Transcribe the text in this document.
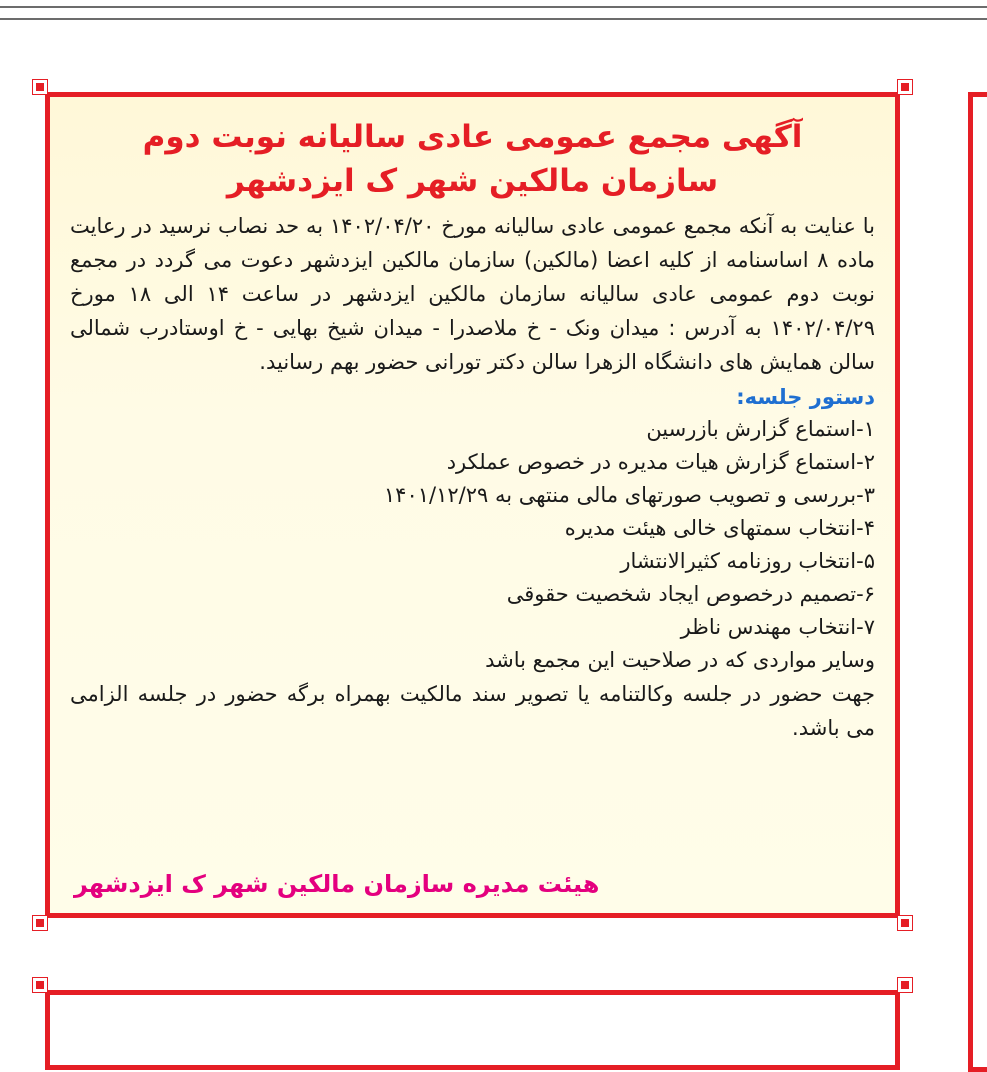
آگهی مجمع عمومی عادی سالیانه نوبت دوم
سازمان مالکین شهر ک ایزدشهر

با عنایت به آنکه مجمع عمومی عادی سالیانه مورخ ۱۴۰۲/۰۴/۲۰ به حد نصاب نرسید در رعایت ماده ۸ اساسنامه از کلیه اعضا (مالکین) سازمان مالکین ایزدشهر دعوت می گردد در مجمع نوبت دوم عمومی عادی سالیانه سازمان مالکین ایزدشهر در ساعت ۱۴ الی ۱۸ مورخ ۱۴۰۲/۰۴/۲۹ به آدرس : میدان ونک - خ ملاصدرا - میدان شیخ بهایی - خ اوستادرب شمالی سالن همایش های دانشگاه الزهرا سالن دکتر تورانی حضور بهم رسانید.

دستور جلسه:
۱-استماع گزارش بازرسین
۲-استماع گزارش هیات مدیره در خصوص عملکرد
۳-بررسی و تصویب صورتهای مالی منتهی به ۱۴۰۱/۱۲/۲۹
۴-انتخاب سمتهای خالی هیئت مدیره
۵-انتخاب روزنامه کثیرالانتشار
۶-تصمیم درخصوص ایجاد شخصیت حقوقی
۷-انتخاب مهندس ناظر

وسایر مواردی که در صلاحیت این مجمع باشد

جهت حضور در جلسه وکالتنامه یا تصویر سند مالکیت بهمراه برگه حضور در جلسه الزامی می باشد.

هیئت مدیره سازمان مالکین شهر ک ایزدشهر
